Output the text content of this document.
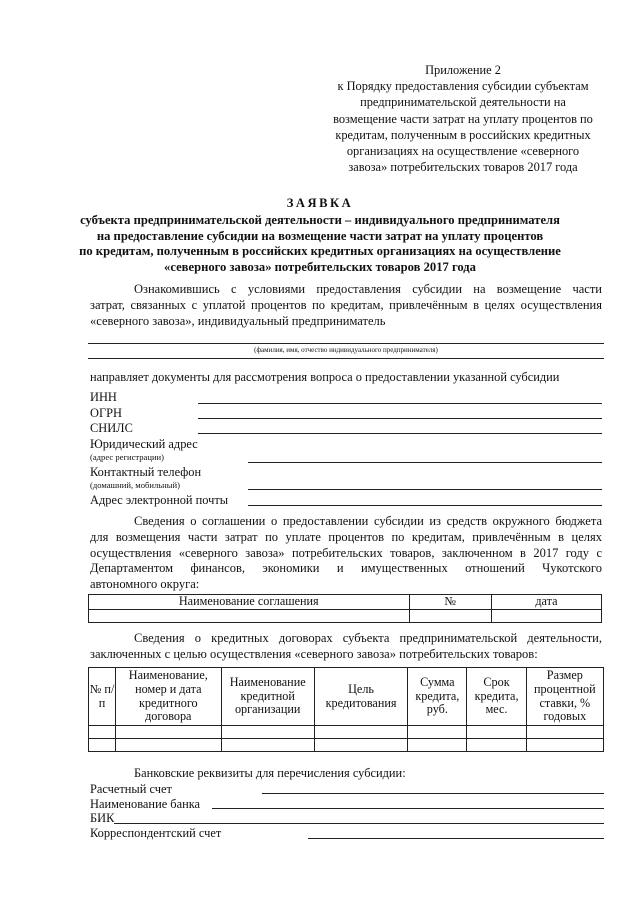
Приложение 2
к Порядку предоставления субсидии субъектам
предпринимательской деятельности на
возмещение части затрат на уплату процентов по
кредитам, полученным в российских кредитных
организациях на осуществление «северного
завоза» потребительских товаров 2017 года
ЗАЯВКА
субъекта предпринимательской деятельности – индивидуального предпринимателя
на предоставление субсидии на возмещение части затрат на уплату процентов
по кредитам, полученным в российских кредитных организациях на осуществление
«северного завоза» потребительских товаров 2017 года
Ознакомившись с условиями предоставления субсидии на возмещение части
затрат, связанных с уплатой процентов по кредитам, привлечённым в целях осуществления
«северного завоза», индивидуальный предприниматель
(фамилия, имя, отчество индивидуального предпринимателя)
направляет документы для рассмотрения вопроса о предоставлении указанной субсидии
ИНН
ОГРН
СНИЛС
Юридический адрес
(адрес регистрации)
Контактный телефон
(домашний, мобильный)
Адрес электронной почты
Сведения о соглашении о предоставлении субсидии из средств окружного бюджета
для возмещения части затрат по уплате процентов по кредитам, привлечённым в целях
осуществления «северного завоза» потребительских товаров, заключенном в 2017 году с
Департаментом финансов, экономики и имущественных отношений Чукотского
автономного округа:
Наименование соглашения	№	дата

Сведения о кредитных договорах субъекта предпринимательской деятельности,
заключенных с целью осуществления «северного завоза» потребительских товаров:
№ п/п	Наименование, номер и дата кредитного договора	Наименование кредитной организации	Цель кредитования	Сумма кредита, руб.	Срок кредита, мес.	Размер процентной ставки, % годовых

Банковские реквизиты для перечисления субсидии:
Расчетный счет
Наименование банка
БИК
Корреспондентский счет
